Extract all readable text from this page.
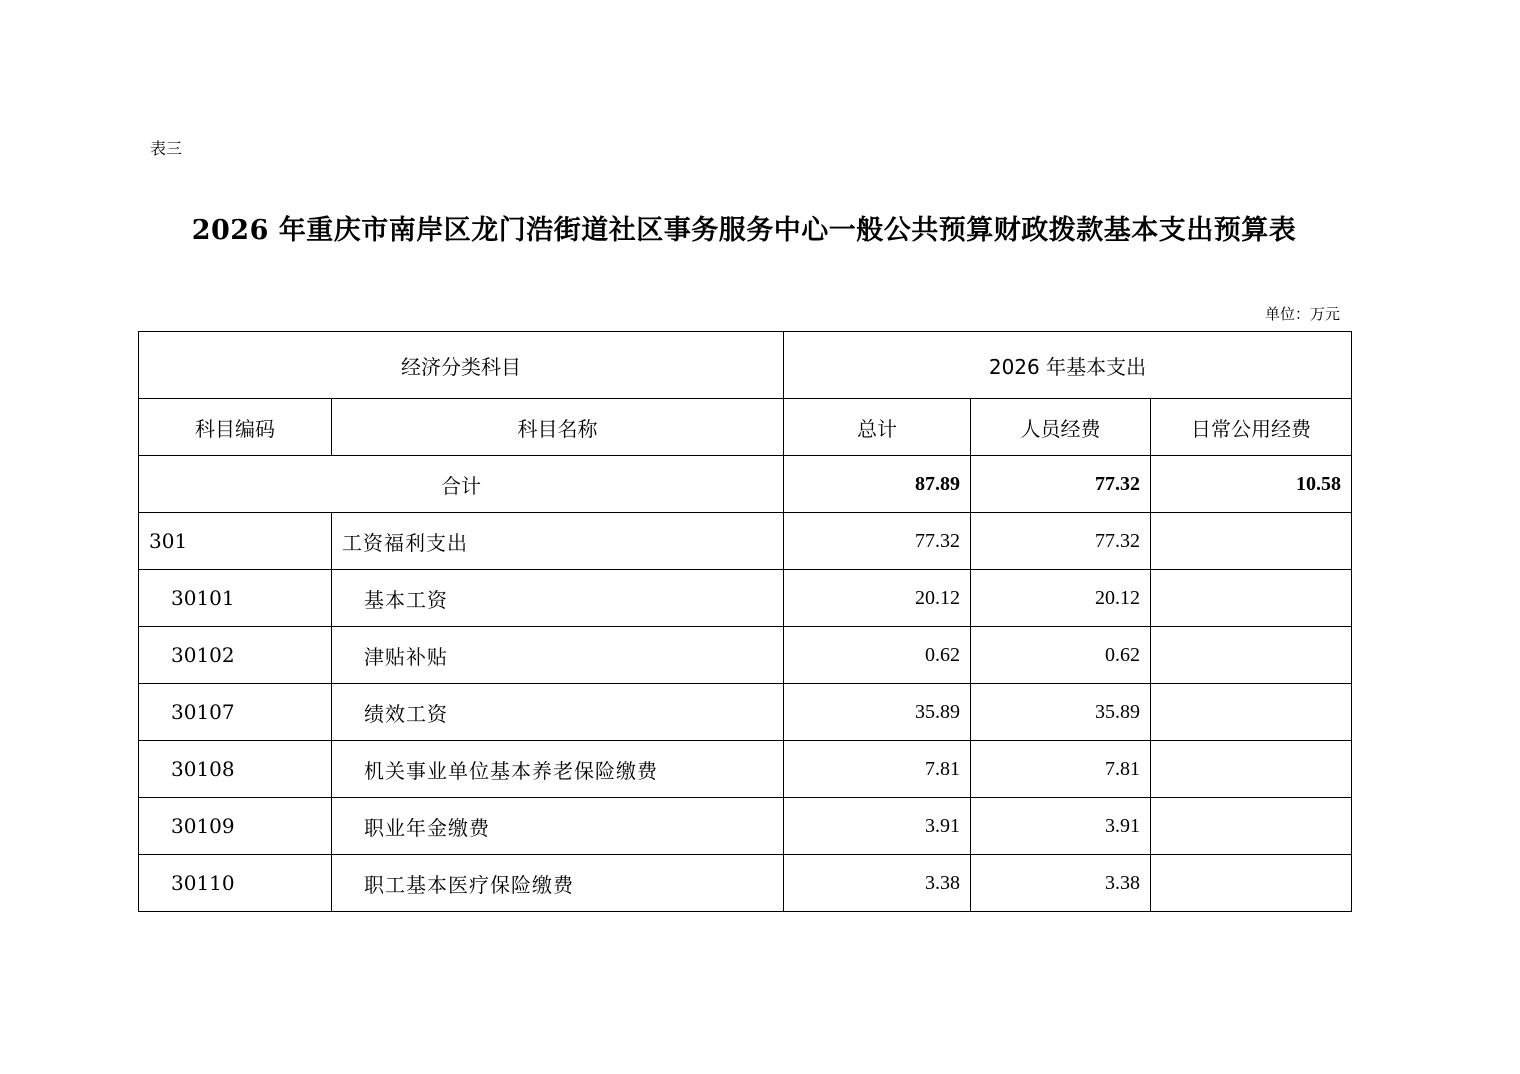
表三
2026 年重庆市南岸区龙门浩街道社区事务服务中心一般公共预算财政拨款基本支出预算表
单位：万元
经济分类科目		2026 年基本支出		
科目编码	科目名称	总计	人员经费	日常公用经费
合计		87.89	77.32	10.58
301	工资福利支出	77.32	77.32	
30101	基本工资	20.12	20.12	
30102	津贴补贴	0.62	0.62	
30107	绩效工资	35.89	35.89	
30108	机关事业单位基本养老保险缴费	7.81	7.81	
30109	职业年金缴费	3.91	3.91	
30110	职工基本医疗保险缴费	3.38	3.38	
